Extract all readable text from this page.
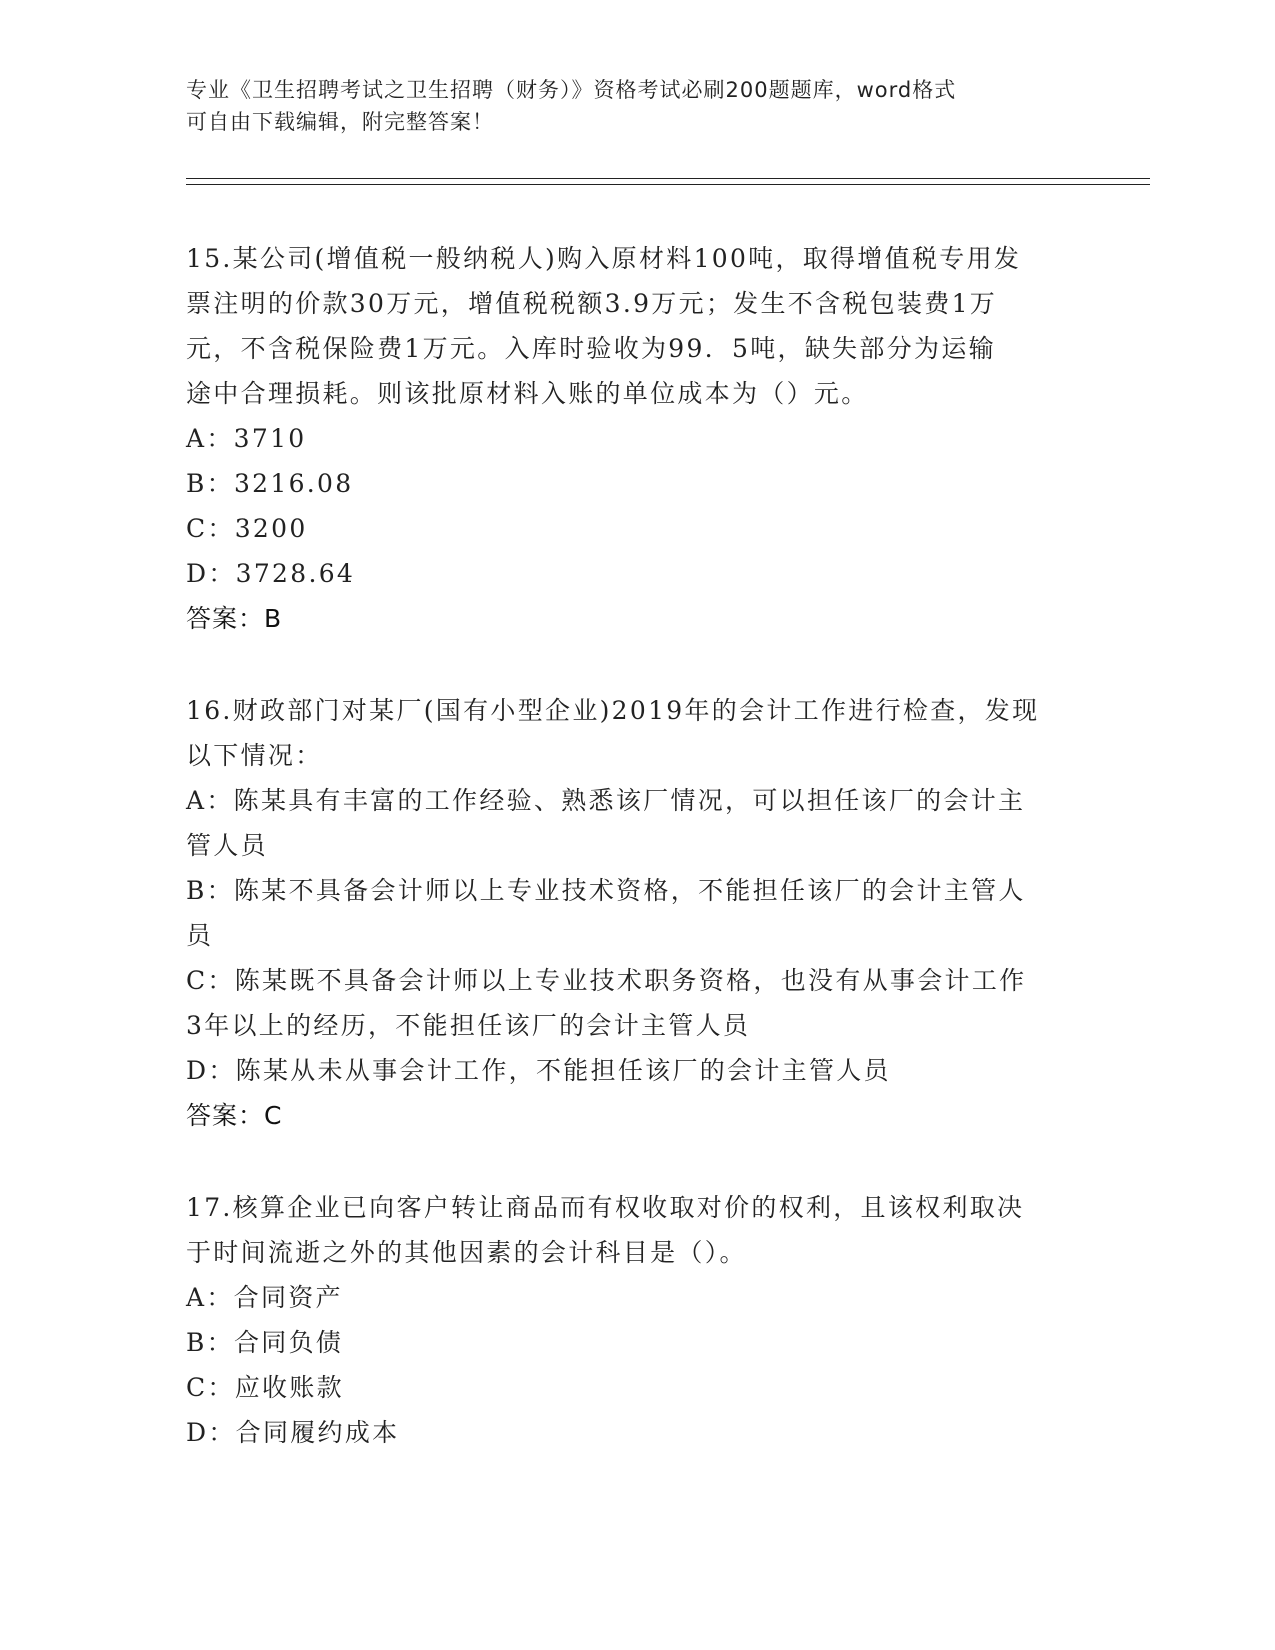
专业《卫生招聘考试之卫生招聘（财务）》资格考试必刷200题题库，word格式
可自由下载编辑，附完整答案！
15.某公司(增值税一般纳税人)购入原材料100吨，取得增值税专用发
票注明的价款30万元，增值税税额3.9万元；发生不含税包装费1万
元，不含税保险费1万元。入库时验收为99．5吨，缺失部分为运输
途中合理损耗。则该批原材料入账的单位成本为（）元。
A：3710
B：3216.08
C：3200
D：3728.64
答案：B
16.财政部门对某厂(国有小型企业)2019年的会计工作进行检查，发现
以下情况：
A：陈某具有丰富的工作经验、熟悉该厂情况，可以担任该厂的会计主
管人员
B：陈某不具备会计师以上专业技术资格，不能担任该厂的会计主管人
员
C：陈某既不具备会计师以上专业技术职务资格，也没有从事会计工作
3年以上的经历，不能担任该厂的会计主管人员
D：陈某从未从事会计工作，不能担任该厂的会计主管人员
答案：C
17.核算企业已向客户转让商品而有权收取对价的权利，且该权利取决
于时间流逝之外的其他因素的会计科目是（）。
A：合同资产
B：合同负债
C：应收账款
D：合同履约成本
